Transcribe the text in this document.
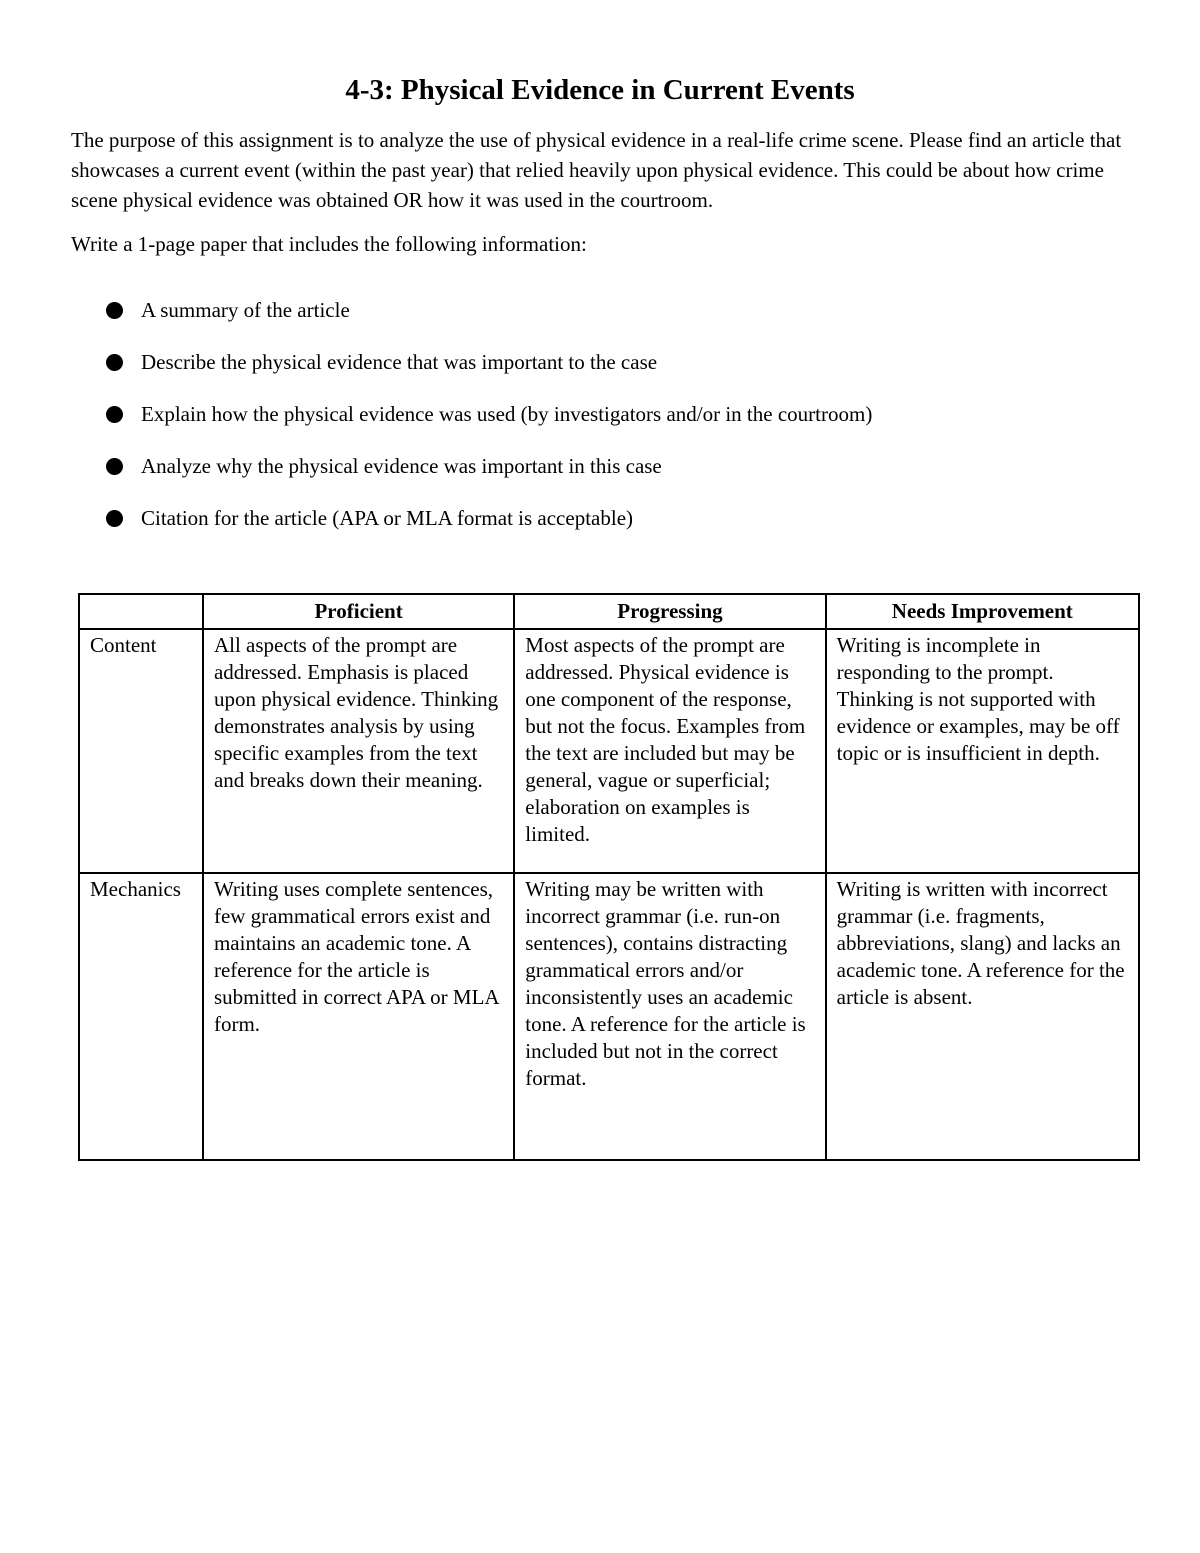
4-3: Physical Evidence in Current Events

The purpose of this assignment is to analyze the use of physical evidence in a real-life crime scene. Please find an article that showcases a current event (within the past year) that relied heavily upon physical evidence. This could be about how crime scene physical evidence was obtained OR how it was used in the courtroom.

Write a 1-page paper that includes the following information:

A summary of the article
Describe the physical evidence that was important to the case
Explain how the physical evidence was used (by investigators and/or in the courtroom)
Analyze why the physical evidence was important in this case
Citation for the article (APA or MLA format is acceptable)
	Proficient	Progressing	Needs Improvement
Content	All aspects of the prompt are addressed. Emphasis is placed upon physical evidence. Thinking demonstrates analysis by using specific examples from the text and breaks down their meaning.	Most aspects of the prompt are addressed. Physical evidence is one component of the response, but not the focus. Examples from the text are included but may be general, vague or superficial; elaboration on examples is limited.	Writing is incomplete in responding to the prompt. Thinking is not supported with evidence or examples, may be off topic or is insufficient in depth.
Mechanics	Writing uses complete sentences, few grammatical errors exist and maintains an academic tone. A reference for the article is submitted in correct APA or MLA form.	Writing may be written with incorrect grammar (i.e. run-on sentences), contains distracting grammatical errors and/or inconsistently uses an academic tone. A reference for the article is included but not in the correct format.	Writing is written with incorrect grammar (i.e. fragments, abbreviations, slang) and lacks an academic tone. A reference for the article is absent.
